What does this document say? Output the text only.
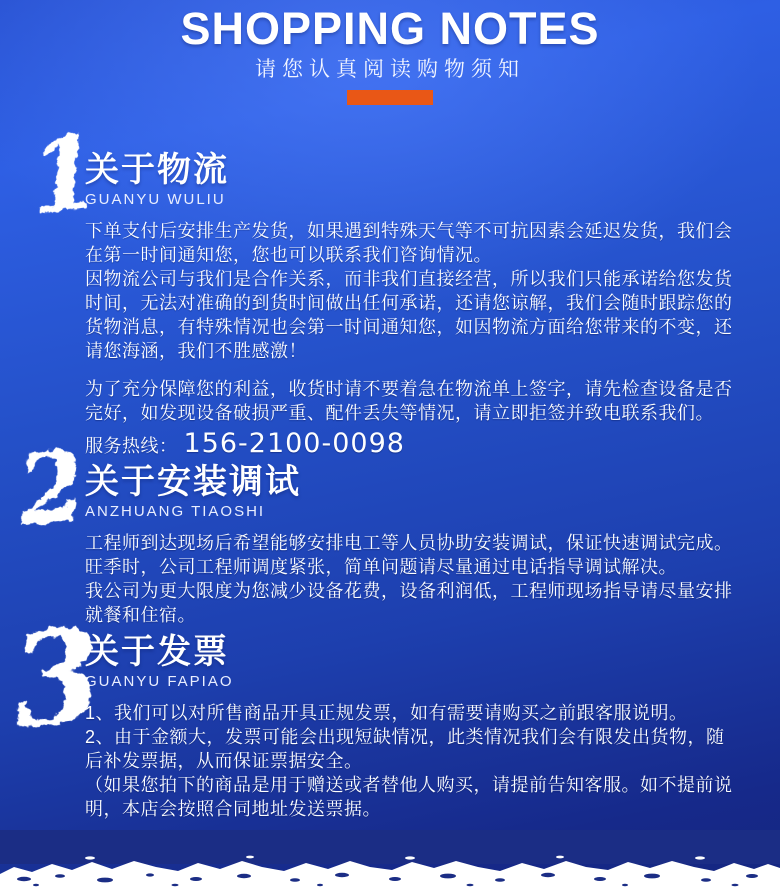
SHOPPING NOTES
请您认真阅读购物须知
1
关于物流
GUANYU WULIU

下单支付后安排生产发货，如果遇到特殊天气等不可抗因素会延迟发货，我们会在第一时间通知您，您也可以联系我们咨询情况。

因物流公司与我们是合作关系，而非我们直接经营，所以我们只能承诺给您发货时间，无法对准确的到货时间做出任何承诺，还请您谅解，我们会随时跟踪您的货物消息，有特殊情况也会第一时间通知您，如因物流方面给您带来的不变，还请您海涵，我们不胜感激！

为了充分保障您的利益，收货时请不要着急在物流单上签字，请先检查设备是否完好，如发现设备破损严重、配件丢失等情况，请立即拒签并致电联系我们。

服务热线： 156-2100-0098
2
关于安装调试
ANZHUANG TIAOSHI

工程师到达现场后希望能够安排电工等人员协助安装调试，保证快速调试完成。

旺季时，公司工程师调度紧张，简单问题请尽量通过电话指导调试解决。

我公司为更大限度为您减少设备花费，设备利润低，工程师现场指导请尽量安排就餐和住宿。

3
关于发票
GUANYU FAPIAO

1、我们可以对所售商品开具正规发票，如有需要请购买之前跟客服说明。

2、由于金额大，发票可能会出现短缺情况，此类情况我们会有限发出货物，随后补发票据，从而保证票据安全。

（如果您拍下的商品是用于赠送或者替他人购买，请提前告知客服。如不提前说明，本店会按照合同地址发送票据。
